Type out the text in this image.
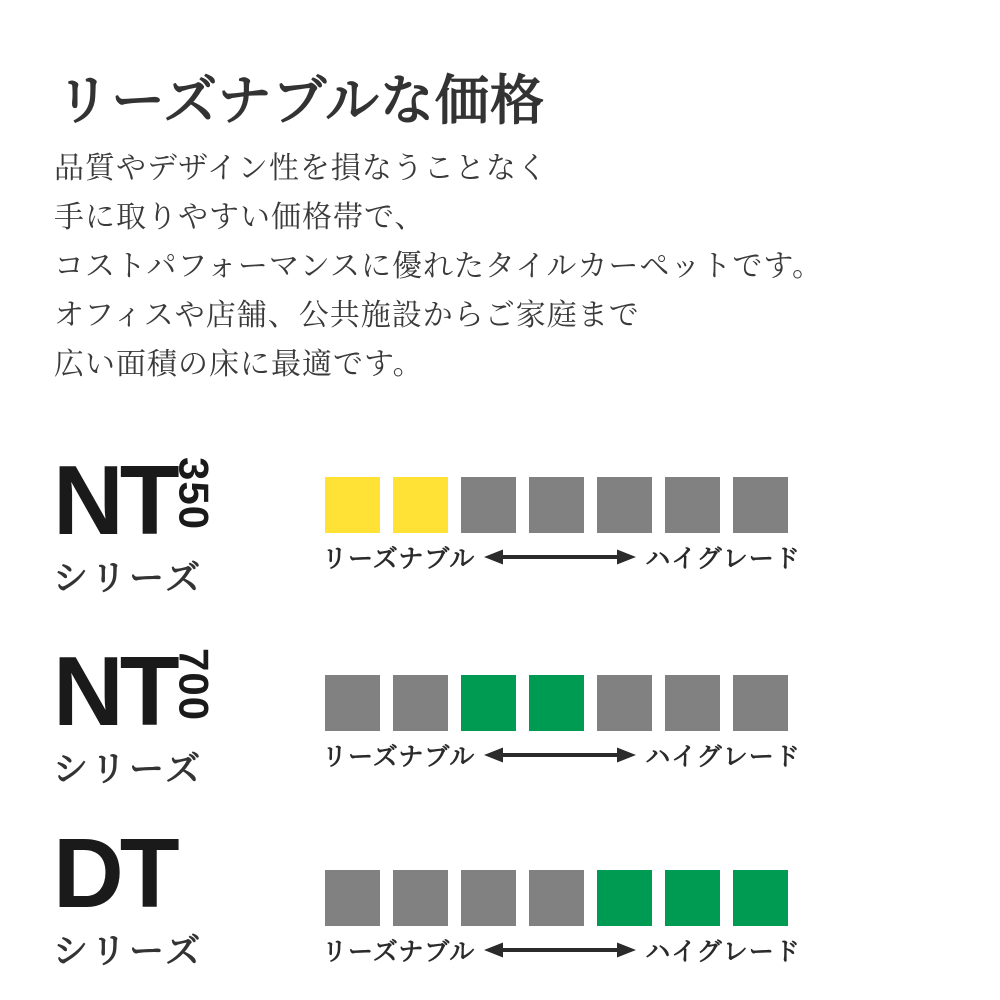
リーズナブルな価格
品質やデザイン性を損なうことなく
手に取りやすい価格帯で、
コストパフォーマンスに優れたタイルカーペットです。
オフィスや店舗、公共施設からご家庭まで
広い面積の床に最適です。
NT
350
シリーズ	リーズナブル	ハイグレード
NT
700
シリーズ	リーズナブル	ハイグレード
DT
シリーズ	リーズナブル	ハイグレード
